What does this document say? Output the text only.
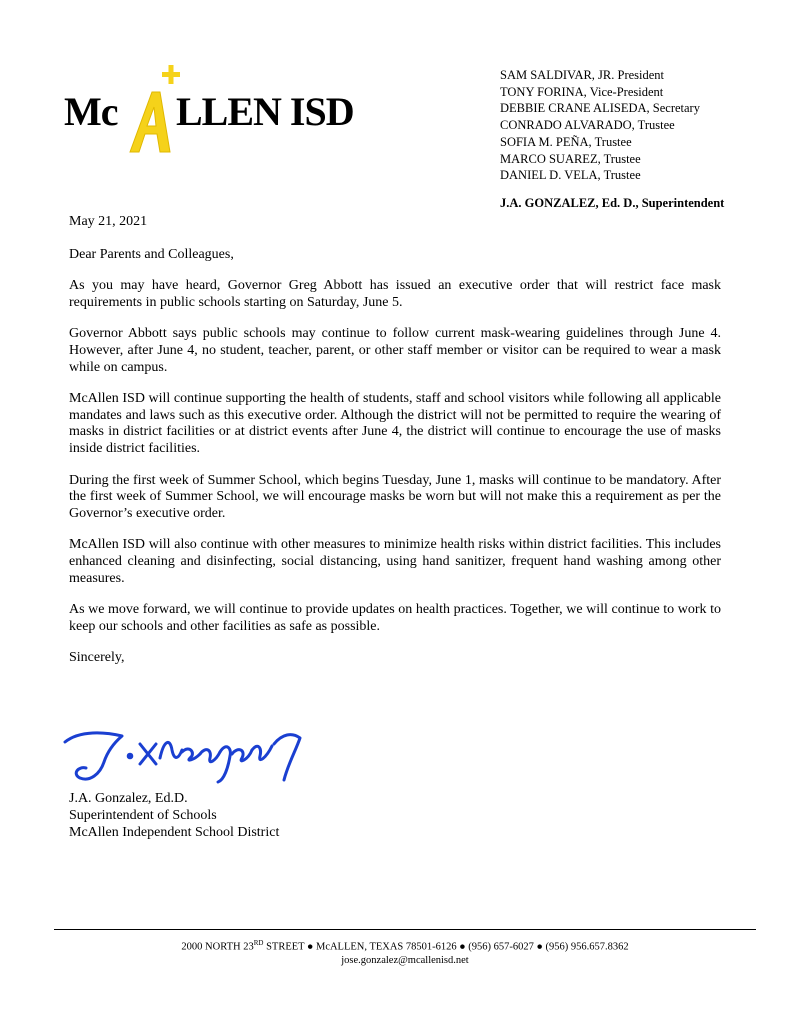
Mc LLEN ISD
SAM SALDIVAR, JR. President
TONY FORINA, Vice-President
DEBBIE CRANE ALISEDA, Secretary
CONRADO ALVARADO, Trustee
SOFIA M. PEÑA, Trustee
MARCO SUAREZ, Trustee
DANIEL D. VELA, Trustee
J.A. GONZALEZ, Ed. D., Superintendent

May 21, 2021

Dear Parents and Colleagues,

As you may have heard, Governor Greg Abbott has issued an executive order that will restrict face mask requirements in public schools starting on Saturday, June 5.

Governor Abbott says public schools may continue to follow current mask-wearing guidelines through June 4. However, after June 4, no student, teacher, parent, or other staff member or visitor can be required to wear a mask while on campus.

McAllen ISD will continue supporting the health of students, staff and school visitors while following all applicable mandates and laws such as this executive order. Although the district will not be permitted to require the wearing of masks in district facilities or at district events after June 4, the district will continue to encourage the use of masks inside district facilities.

During the first week of Summer School, which begins Tuesday, June 1, masks will continue to be mandatory. After the first week of Summer School, we will encourage masks be worn but will not make this a requirement as per the Governor’s executive order.

McAllen ISD will also continue with other measures to minimize health risks within district facilities. This includes enhanced cleaning and disinfecting, social distancing, using hand sanitizer, frequent hand washing among other measures.

As we move forward, we will continue to provide updates on health practices. Together, we will continue to work to keep our schools and other facilities as safe as possible.

Sincerely,

J.A. Gonzalez, Ed.D.
Superintendent of Schools
McAllen Independent School District
2000 NORTH 23RD STREET ● McALLEN, TEXAS 78501-6126 ● (956) 657-6027 ● (956) 956.657.8362
jose.gonzalez@mcallenisd.net
